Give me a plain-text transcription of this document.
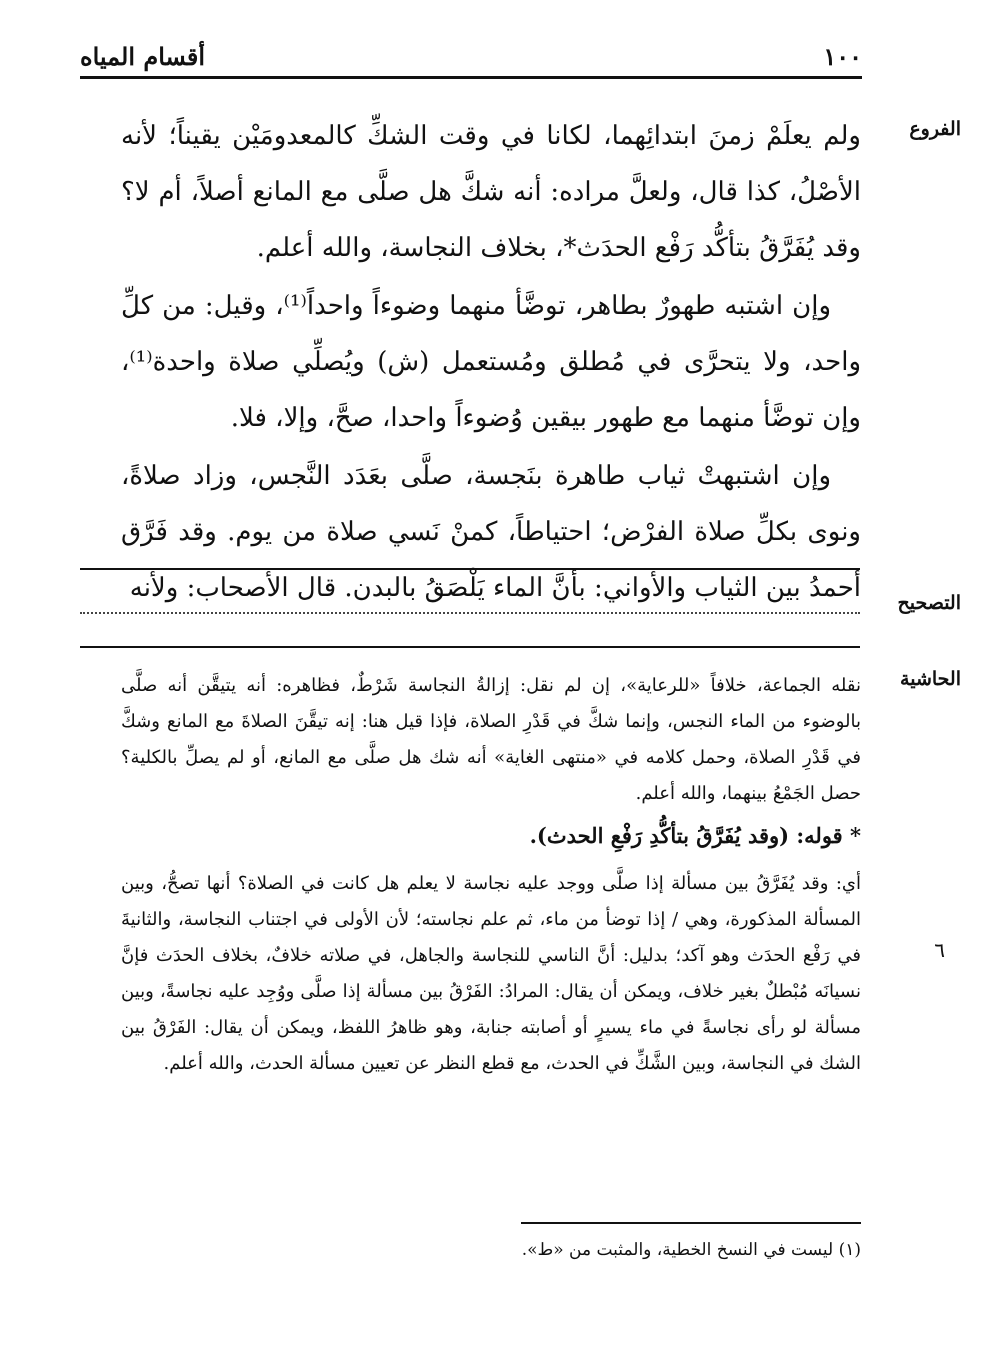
١٠٠
أقسام المياه
الفروع

ولم يعلَمْ زمنَ ابتدائِهما، لكانا في وقت الشكِّ كالمعدومَيْن يقيناً؛ لأنه الأصْلُ، كذا قال، ولعلَّ مراده: أنه شكَّ هل صلَّى مع المانع أصلاً، أم لا؟ وقد يُفَرَّقُ بتأكُّد رَفْع الحدَث*، بخلاف النجاسة، والله أعلم.

وإن اشتبه طهورٌ بطاهر، توضَّأ منهما وضوءاً واحداً⁽¹⁾، وقيل: من كلِّ واحد، ولا يتحرَّى في مُطلق ومُستعمل (ش) ويُصلِّي صلاة واحدة⁽¹⁾، وإن توضَّأ منهما مع طهور بيقين وُضوءاً واحدا، صحَّ، وإلا، فلا.

وإن اشتبهتْ ثياب طاهرة بنَجسة، صلَّى بعَدَد النَّجس، وزاد صلاةً، ونوى بكلِّ صلاة الفرْض؛ احتياطاً، كمنْ نَسي صلاة من يوم. وقد فَرَّق أحمدُ بين الثياب والأواني: بأنَّ الماء يَلْصَقُ بالبدن. قال الأصحاب: ولأنه	التصحيح
الحاشية

نقله الجماعة، خلافاً «للرعاية»، إن لم نقل: إزالةُ النجاسة شَرْطٌ، فظاهره: أنه يتيقَّن أنه صلَّى بالوضوء من الماء النجس، وإنما شكَّ في قَدْرِ الصلاة، فإذا قيل هنا: إنه تيقَّنَ الصلاةَ مع المانع وشكَّ في قَدْرِ الصلاة، وحمل كلامه في «منتهى الغاية» أنه شك هل صلَّى مع المانع، أو لم يصلِّ بالكلية؟ حصل الجَمْعُ بينهما، والله أعلم.

* قوله: (وقد يُفَرَّقُ بتأكُّدِ رَفْعِ الحدث).

أي: وقد يُفَرَّقُ بين مسألة إذا صلَّى ووجد عليه نجاسة لا يعلم هل كانت في الصلاة؟ أنها تصحُّ، وبين المسألة المذكورة، وهي / إذا توضأ من ماء، ثم علم نجاسته؛ لأن الأولى في اجتناب النجاسة، والثانيةَ في رَفْع الحدَث وهو آكد؛ بدليل: أنَّ الناسي للنجاسة والجاهل، في صلاته خلافٌ، بخلاف الحدَث فإنَّ نسيانَه مُبْطلٌ بغير خلاف، ويمكن أن يقال: المرادُ: الفَرْقُ بين مسألة إذا صلَّى ووُجِد عليه نجاسةً، وبين مسألة لو رأى نجاسةً في ماء يسيرٍ أو أصابته جنابة، وهو ظاهرُ اللفظ، ويمكن أن يقال: الفَرْقُ بين الشك في النجاسة، وبين الشَّكِّ في الحدث، مع قطع النظر عن تعيين مسألة الحدث، والله أعلم.

٦
(١) ليست في النسخ الخطية، والمثبت من «ط».
